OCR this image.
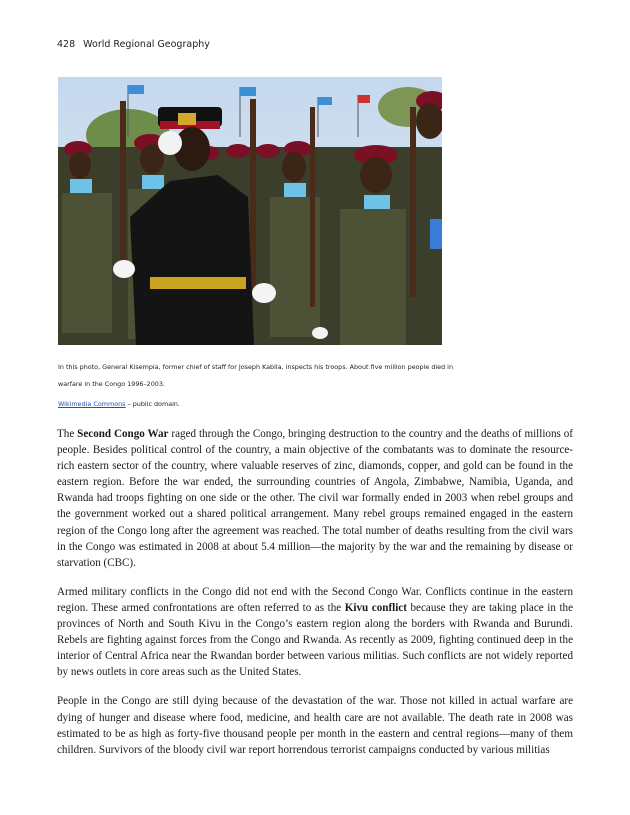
428 World Regional Geography
In this photo, General Kisempia, former chief of staff for Joseph Kabila, inspects his troops. About five million people died in warfare in the Congo 1996–2003.
Wikimedia Commons – public domain.

The Second Congo War raged through the Congo, bringing destruction to the country and the deaths of millions of people. Besides political control of the country, a main objective of the combatants was to dominate the resource-rich eastern sector of the country, where valuable reserves of zinc, diamonds, copper, and gold can be found in the eastern region. Before the war ended, the surrounding countries of Angola, Zimbabwe, Namibia, Uganda, and Rwanda had troops fighting on one side or the other. The civil war formally ended in 2003 when rebel groups and the government worked out a shared political arrangement. Many rebel groups remained engaged in the eastern region of the Congo long after the agreement was reached. The total number of deaths resulting from the civil wars in the Congo was estimated in 2008 at about 5.4 million—the majority by the war and the remaining by disease or starvation (CBC).

Armed military conflicts in the Congo did not end with the Second Congo War. Conflicts continue in the eastern region. These armed confrontations are often referred to as the Kivu conflict because they are taking place in the provinces of North and South Kivu in the Congo’s eastern region along the borders with Rwanda and Burundi. Rebels are fighting against forces from the Congo and Rwanda. As recently as 2009, fighting continued deep in the interior of Central Africa near the Rwandan border between various militias. Such conflicts are not widely reported by news outlets in core areas such as the United States.

People in the Congo are still dying because of the devastation of the war. Those not killed in actual warfare are dying of hunger and disease where food, medicine, and health care are not available. The death rate in 2008 was estimated to be as high as forty-five thousand people per month in the eastern and central regions—many of them children. Survivors of the bloody civil war report horrendous terrorist campaigns conducted by various militias
